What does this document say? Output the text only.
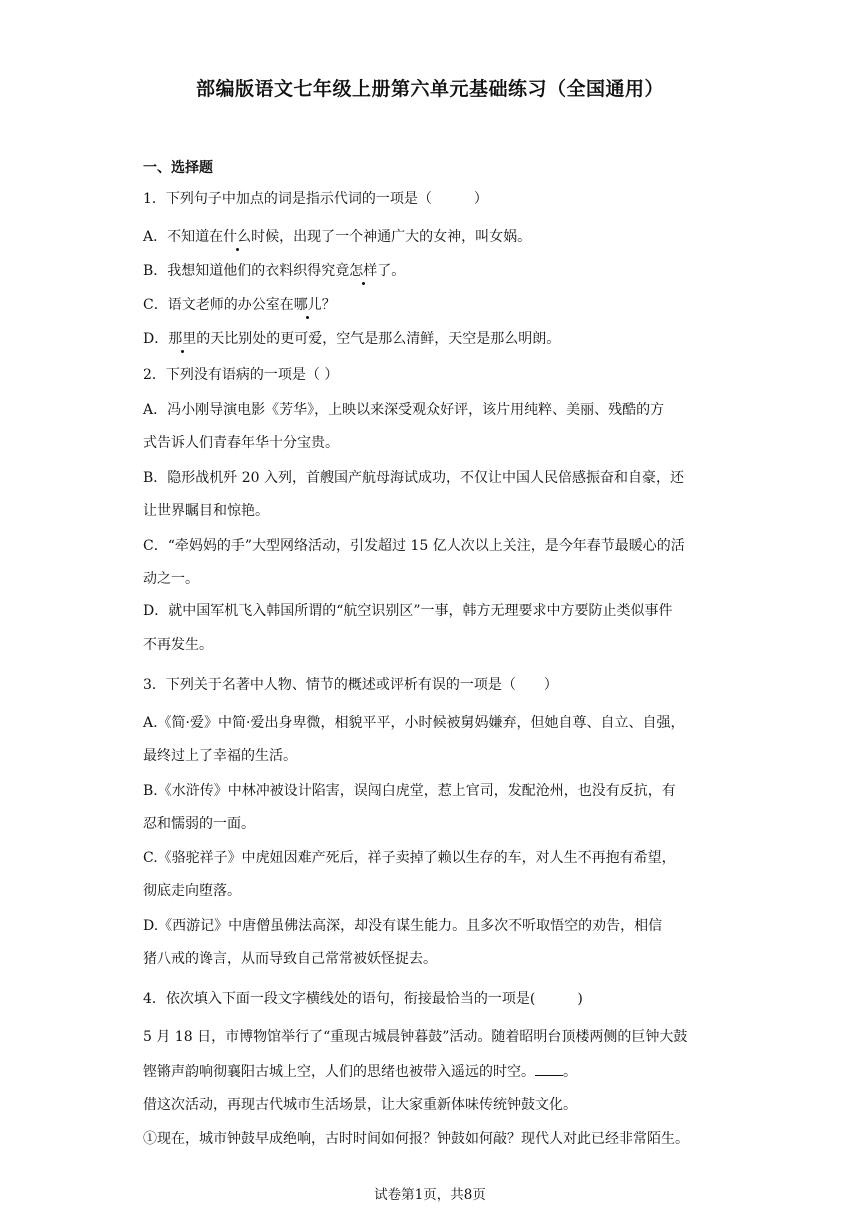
部编版语文七年级上册第六单元基础练习（全国通用）
一、选择题
1．下列句子中加点的词是指示代词的一项是（　　　）
A．不知道在什么时候，出现了一个神通广大的女神，叫女娲。
B．我想知道他们的衣料织得究竟怎样了。
C．语文老师的办公室在哪儿？
D．那里的天比别处的更可爱，空气是那么清鲜，天空是那么明朗。
2．下列没有语病的一项是（ ）
A．冯小刚导演电影《芳华》，上映以来深受观众好评，该片用纯粹、美丽、残酷的方
式告诉人们青春年华十分宝贵。
B．隐形战机歼 20 入列，首艘国产航母海试成功，不仅让中国人民倍感振奋和自豪，还
让世界瞩目和惊艳。
C．“牵妈妈的手”大型网络活动，引发超过 15 亿人次以上关注，是今年春节最暖心的活
动之一。
D．就中国军机飞入韩国所谓的“航空识别区”一事，韩方无理要求中方要防止类似事件
不再发生。
3．下列关于名著中人物、情节的概述或评析有误的一项是（　　）
A.《简·爱》中简·爱出身卑微，相貌平平，小时候被舅妈嫌弃，但她自尊、自立、自强，
最终过上了幸福的生活。
B.《水浒传》中林冲被设计陷害，误闯白虎堂，惹上官司，发配沧州，也没有反抗，有
忍和懦弱的一面。
C.《骆驼祥子》中虎妞因难产死后，祥子卖掉了赖以生存的车，对人生不再抱有希望，
彻底走向堕落。
D.《西游记》中唐僧虽佛法高深，却没有谋生能力。且多次不听取悟空的劝告，相信
猪八戒的谗言，从而导致自己常常被妖怪捉去。
4．依次填入下面一段文字横线处的语句，衔接最恰当的一项是(　　　)
5 月 18 日，市博物馆举行了“重现古城晨钟暮鼓”活动。随着昭明台顶楼两侧的巨钟大鼓
铿锵声韵响彻襄阳古城上空，人们的思绪也被带入遥远的时空。 。
借这次活动，再现古代城市生活场景，让大家重新体味传统钟鼓文化。
①现在，城市钟鼓早成绝响，古时时间如何报？钟鼓如何敲？现代人对此已经非常陌生。
试卷第1页，共8页
